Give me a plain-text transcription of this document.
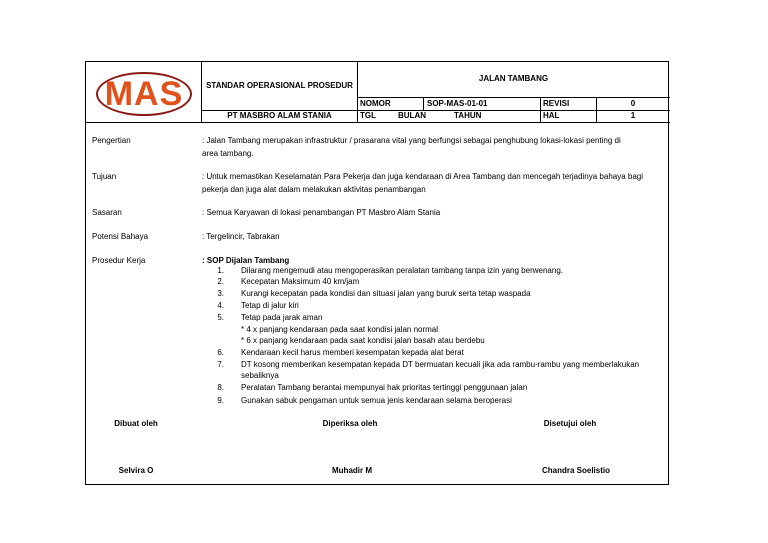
MAS	STANDAR OPERASIONAL PROSEDUR
PT MASBRO ALAM STANIA
JALAN TAMBANG
NOMOR	SOP-MAS-01-01	REVISI	0
TGL	BULAN	TAHUN	HAL	1
Pengertian	: Jalan Tambang merupakan infrastruktur / prasarana vital yang berfungsi sebagai penghubung lokasi-lokasi penting di
area tambang.
Tujuan	: Untuk memastikan Keselamatan Para Pekerja dan juga kendaraan di Area Tambang dan mencegah terjadinya bahaya bagi
pekerja dan juga alat dalam melakukan aktivitas penambangan
Sasaran	: Semua Karyawan di lokasi penambangan PT Masbro Alam Stania
Potensi Bahaya	: Tergelincir, Tabrakan
Prosedur Kerja	: SOP Dijalan Tambang
1. Dilarang mengemudi atau mengoperasikan peralatan tambang tanpa izin yang berwenang.
2. Kecepatan Maksimum 40 km/jam
3. Kurangi kecepatan pada kondisi dan situasi jalan yang buruk serta tetap waspada
4. Tetap di jalur kiri
5. Tetap pada jarak aman
* 4 x panjang kendaraan pada saat kondisi jalan normal
* 6 x panjang kendaraan pada saat kondisi jalan basah atau berdebu
6. Kendaraan kecil harus memberi kesempatan kepada alat berat
7. DT kosong memberikan kesempatan kepada DT bermuatan kecuali jika ada rambu-rambu yang memberlakukan
sebaliknya
8. Peralatan Tambang berantai mempunyai hak prioritas tertinggi penggunaan jalan
9. Gunakan sabuk pengaman untuk semua jenis kendaraan selama beroperasi
Dibuat oleh	Diperiksa oleh	Disetujui oleh
Selvira O	Muhadir M	Chandra Soelistio
